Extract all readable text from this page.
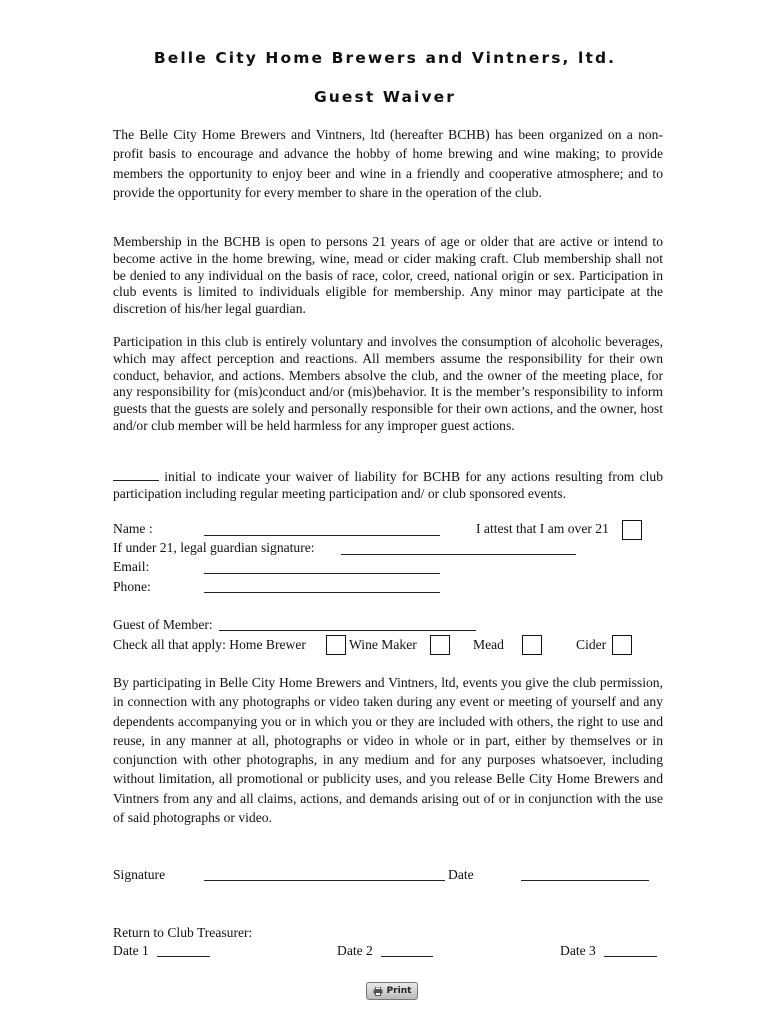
Belle City Home Brewers and Vintners, ltd.
Guest Waiver

The Belle City Home Brewers and Vintners, ltd (hereafter BCHB) has been organized on a non-profit basis to encourage and advance the hobby of home brewing and wine making; to provide members the opportunity to enjoy beer and wine in a friendly and cooperative atmosphere; and to provide the opportunity for every member to share in the operation of the club.

Membership in the BCHB is open to persons 21 years of age or older that are active or intend to become active in the home brewing, wine, mead or cider making craft. Club membership shall not be denied to any individual on the basis of race, color, creed, national origin or sex. Participation in club events is limited to individuals eligible for membership. Any minor may participate at the discretion of his/her legal guardian.

Participation in this club is entirely voluntary and involves the consumption of alcoholic beverages, which may affect perception and reactions. All members assume the responsibility for their own conduct, behavior, and actions. Members absolve the club, and the owner of the meeting place, for any responsibility for (mis)conduct and/or (mis)behavior. It is the member’s responsibility to inform guests that the guests are solely and personally responsible for their own actions, and the owner, host and/or club member will be held harmless for any improper guest actions.

initial to indicate your waiver of liability for BCHB for any actions resulting from club participation including regular meeting participation and/ or club sponsored events.

Name :	I attest that I am over 21
If under 21, legal guardian signature:
Email:
Phone:
Guest of Member:
Check all that apply: Home Brewer	Wine Maker	Mead	Cider

By participating in Belle City Home Brewers and Vintners, ltd, events you give the club permission, in connection with any photographs or video taken during any event or meeting of yourself and any dependents accompanying you or in which you or they are included with others, the right to use and reuse, in any manner at all, photographs or video in whole or in part, either by themselves or in conjunction with other photographs, in any medium and for any purposes whatsoever, including without limitation, all promotional or publicity uses, and you release Belle City Home Brewers and Vintners from any and all claims, actions, and demands arising out of or in conjunction with the use of said photographs or video.

Signature	Date
Return to Club Treasurer:
Date 1	Date 2	Date 3
Print
